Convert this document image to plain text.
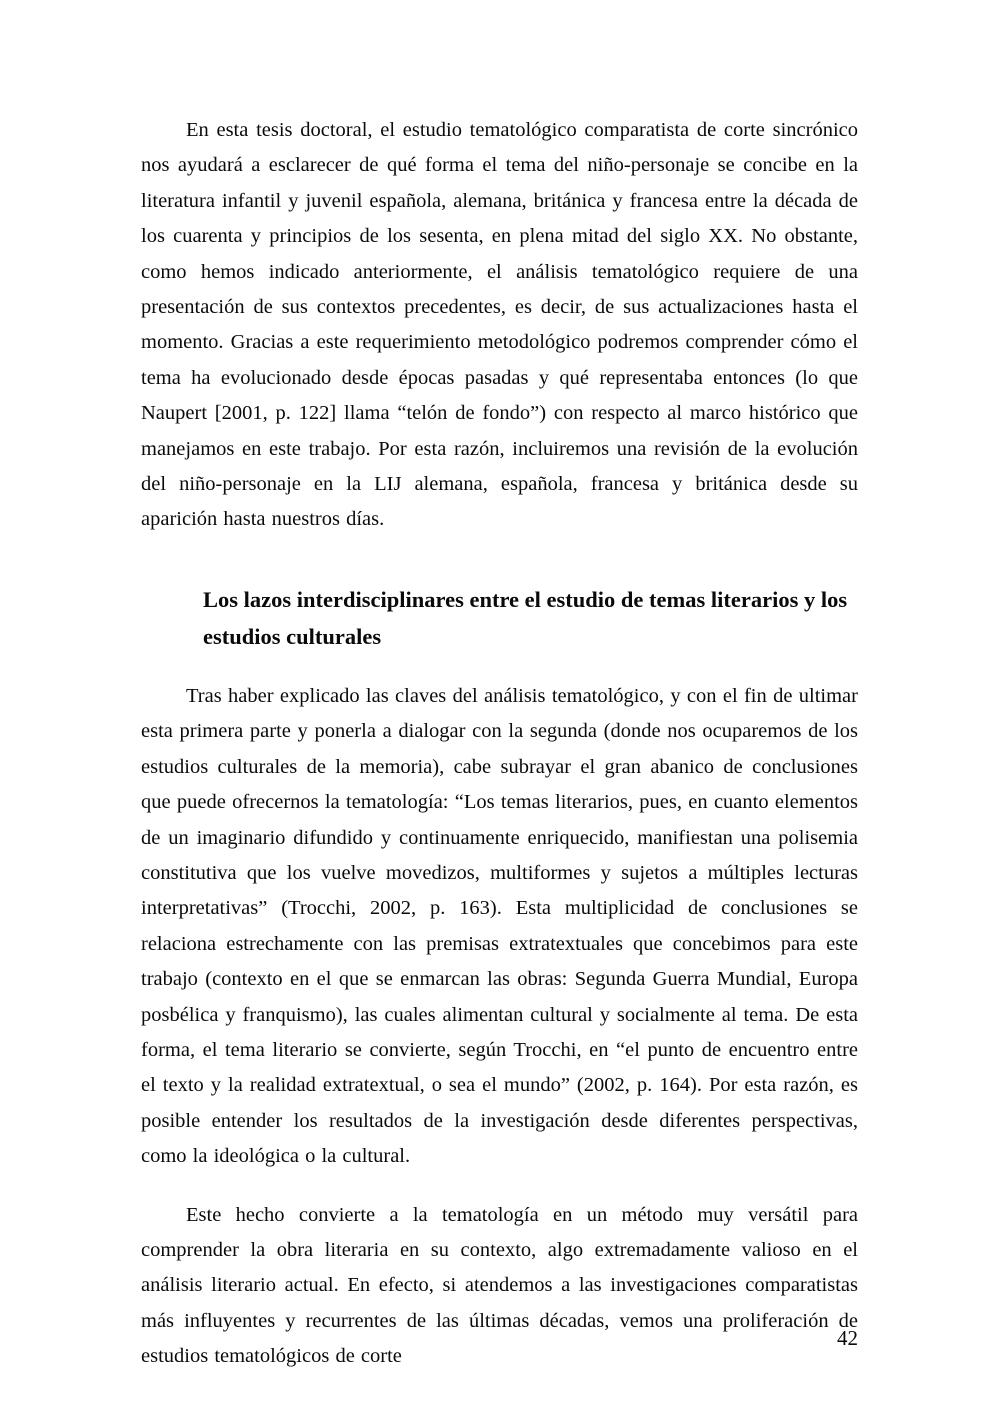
En esta tesis doctoral, el estudio tematológico comparatista de corte sincrónico nos ayudará a esclarecer de qué forma el tema del niño-personaje se concibe en la literatura infantil y juvenil española, alemana, británica y francesa entre la década de los cuarenta y principios de los sesenta, en plena mitad del siglo XX. No obstante, como hemos indicado anteriormente, el análisis tematológico requiere de una presentación de sus contextos precedentes, es decir, de sus actualizaciones hasta el momento. Gracias a este requerimiento metodológico podremos comprender cómo el tema ha evolucionado desde épocas pasadas y qué representaba entonces (lo que Naupert [2001, p. 122] llama “telón de fondo”) con respecto al marco histórico que manejamos en este trabajo. Por esta razón, incluiremos una revisión de la evolución del niño-personaje en la LIJ alemana, española, francesa y británica desde su aparición hasta nuestros días.

Los lazos interdisciplinares entre el estudio de temas literarios y los estudios culturales

Tras haber explicado las claves del análisis tematológico, y con el fin de ultimar esta primera parte y ponerla a dialogar con la segunda (donde nos ocuparemos de los estudios culturales de la memoria), cabe subrayar el gran abanico de conclusiones que puede ofrecernos la tematología: “Los temas literarios, pues, en cuanto elementos de un imaginario difundido y continuamente enriquecido, manifiestan una polisemia constitutiva que los vuelve movedizos, multiformes y sujetos a múltiples lecturas interpretativas” (Trocchi, 2002, p. 163). Esta multiplicidad de conclusiones se relaciona estrechamente con las premisas extratextuales que concebimos para este trabajo (contexto en el que se enmarcan las obras: Segunda Guerra Mundial, Europa posbélica y franquismo), las cuales alimentan cultural y socialmente al tema. De esta forma, el tema literario se convierte, según Trocchi, en “el punto de encuentro entre el texto y la realidad extratextual, o sea el mundo” (2002, p. 164). Por esta razón, es posible entender los resultados de la investigación desde diferentes perspectivas, como la ideológica o la cultural.

Este hecho convierte a la tematología en un método muy versátil para comprender la obra literaria en su contexto, algo extremadamente valioso en el análisis literario actual. En efecto, si atendemos a las investigaciones comparatistas más influyentes y recurrentes de las últimas décadas, vemos una proliferación de estudios tematológicos de corte

42
